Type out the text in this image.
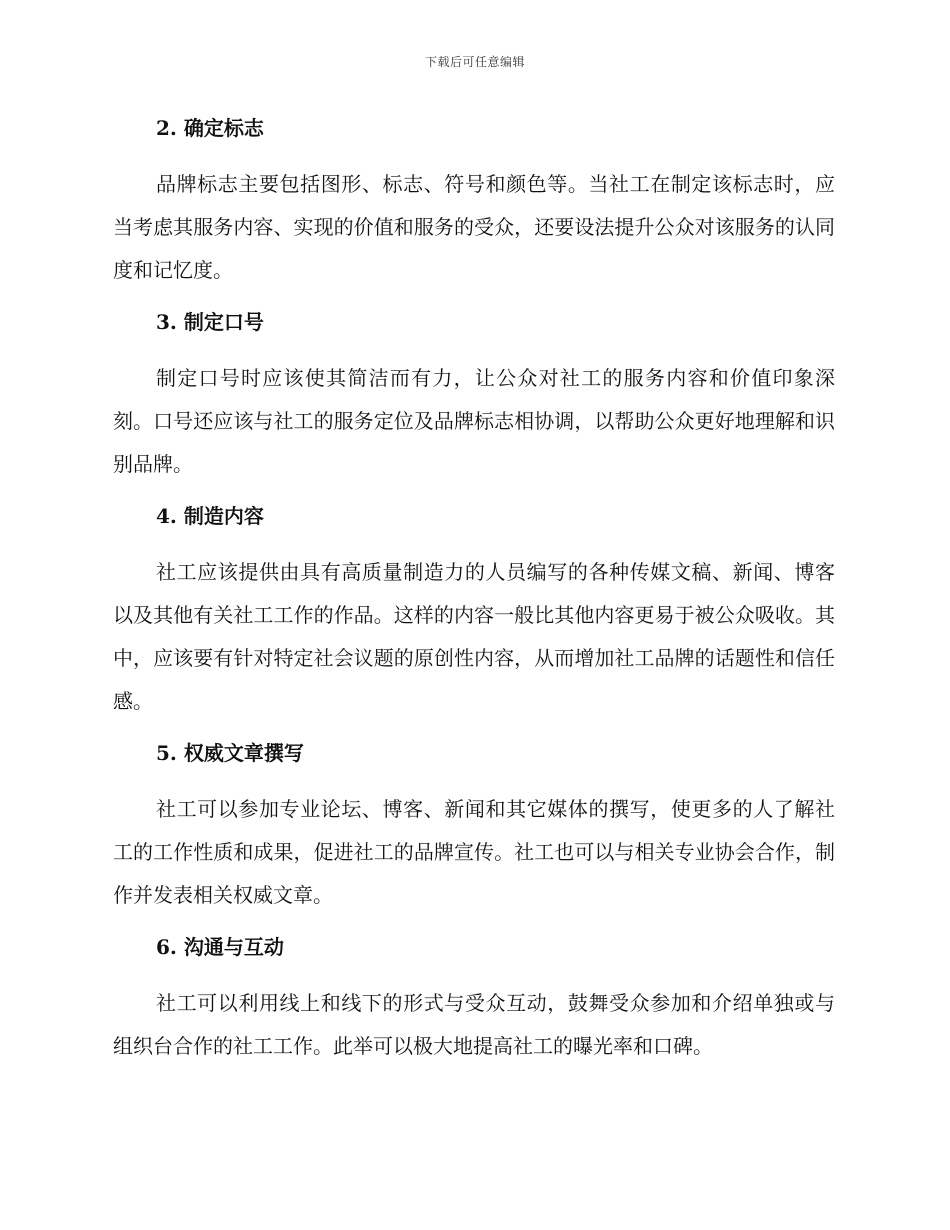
下载后可任意编辑
2. 确定标志

品牌标志主要包括图形、标志、符号和颜色等。当社工在制定该标志时，应当考虑其服务内容、实现的价值和服务的受众，还要设法提升公众对该服务的认同度和记忆度。

3. 制定口号

制定口号时应该使其简洁而有力，让公众对社工的服务内容和价值印象深刻。口号还应该与社工的服务定位及品牌标志相协调，以帮助公众更好地理解和识别品牌。

4. 制造内容

社工应该提供由具有高质量制造力的人员编写的各种传媒文稿、新闻、博客以及其他有关社工工作的作品。这样的内容一般比其他内容更易于被公众吸收。其中，应该要有针对特定社会议题的原创性内容，从而增加社工品牌的话题性和信任感。

5. 权威文章撰写

社工可以参加专业论坛、博客、新闻和其它媒体的撰写，使更多的人了解社工的工作性质和成果，促进社工的品牌宣传。社工也可以与相关专业协会合作，制作并发表相关权威文章。

6. 沟通与互动

社工可以利用线上和线下的形式与受众互动，鼓舞受众参加和介绍单独或与组织台合作的社工工作。此举可以极大地提高社工的曝光率和口碑。
